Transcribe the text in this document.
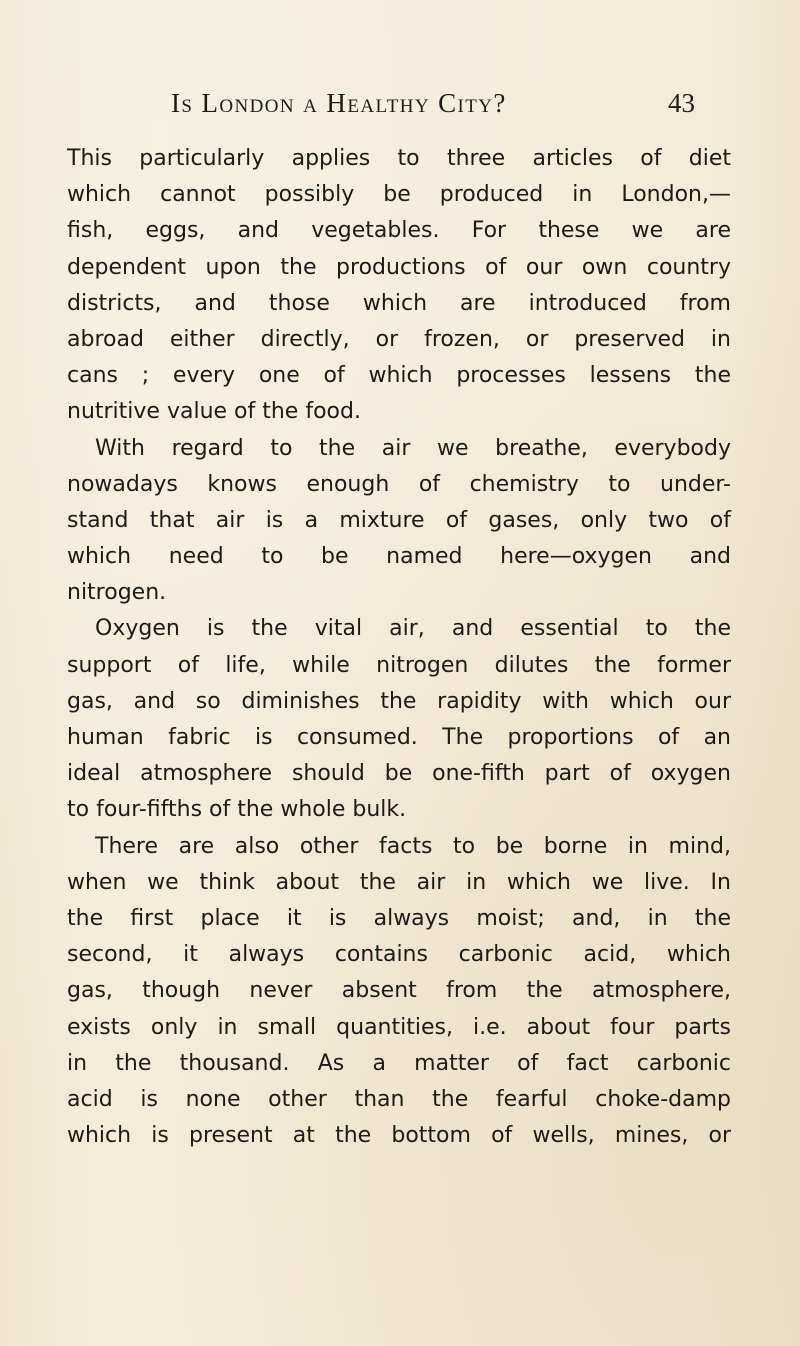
Is London a Healthy City?	43
This particularly applies to three articles of diet
which cannot possibly be produced in London,—
fish, eggs, and vegetables. For these we are
dependent upon the productions of our own country
districts, and those which are introduced from
abroad either directly, or frozen, or preserved in
cans ; every one of which processes lessens the
nutritive value of the food.
With regard to the air we breathe, everybody
nowadays knows enough of chemistry to under-
stand that air is a mixture of gases, only two of
which need to be named here—oxygen and
nitrogen.
Oxygen is the vital air, and essential to the
support of life, while nitrogen dilutes the former
gas, and so diminishes the rapidity with which our
human fabric is consumed. The proportions of an
ideal atmosphere should be one-fifth part of oxygen
to four-fifths of the whole bulk.
There are also other facts to be borne in mind,
when we think about the air in which we live. In
the first place it is always moist; and, in the
second, it always contains carbonic acid, which
gas, though never absent from the atmosphere,
exists only in small quantities, i.e. about four parts
in the thousand. As a matter of fact carbonic
acid is none other than the fearful choke-damp
which is present at the bottom of wells, mines, or
